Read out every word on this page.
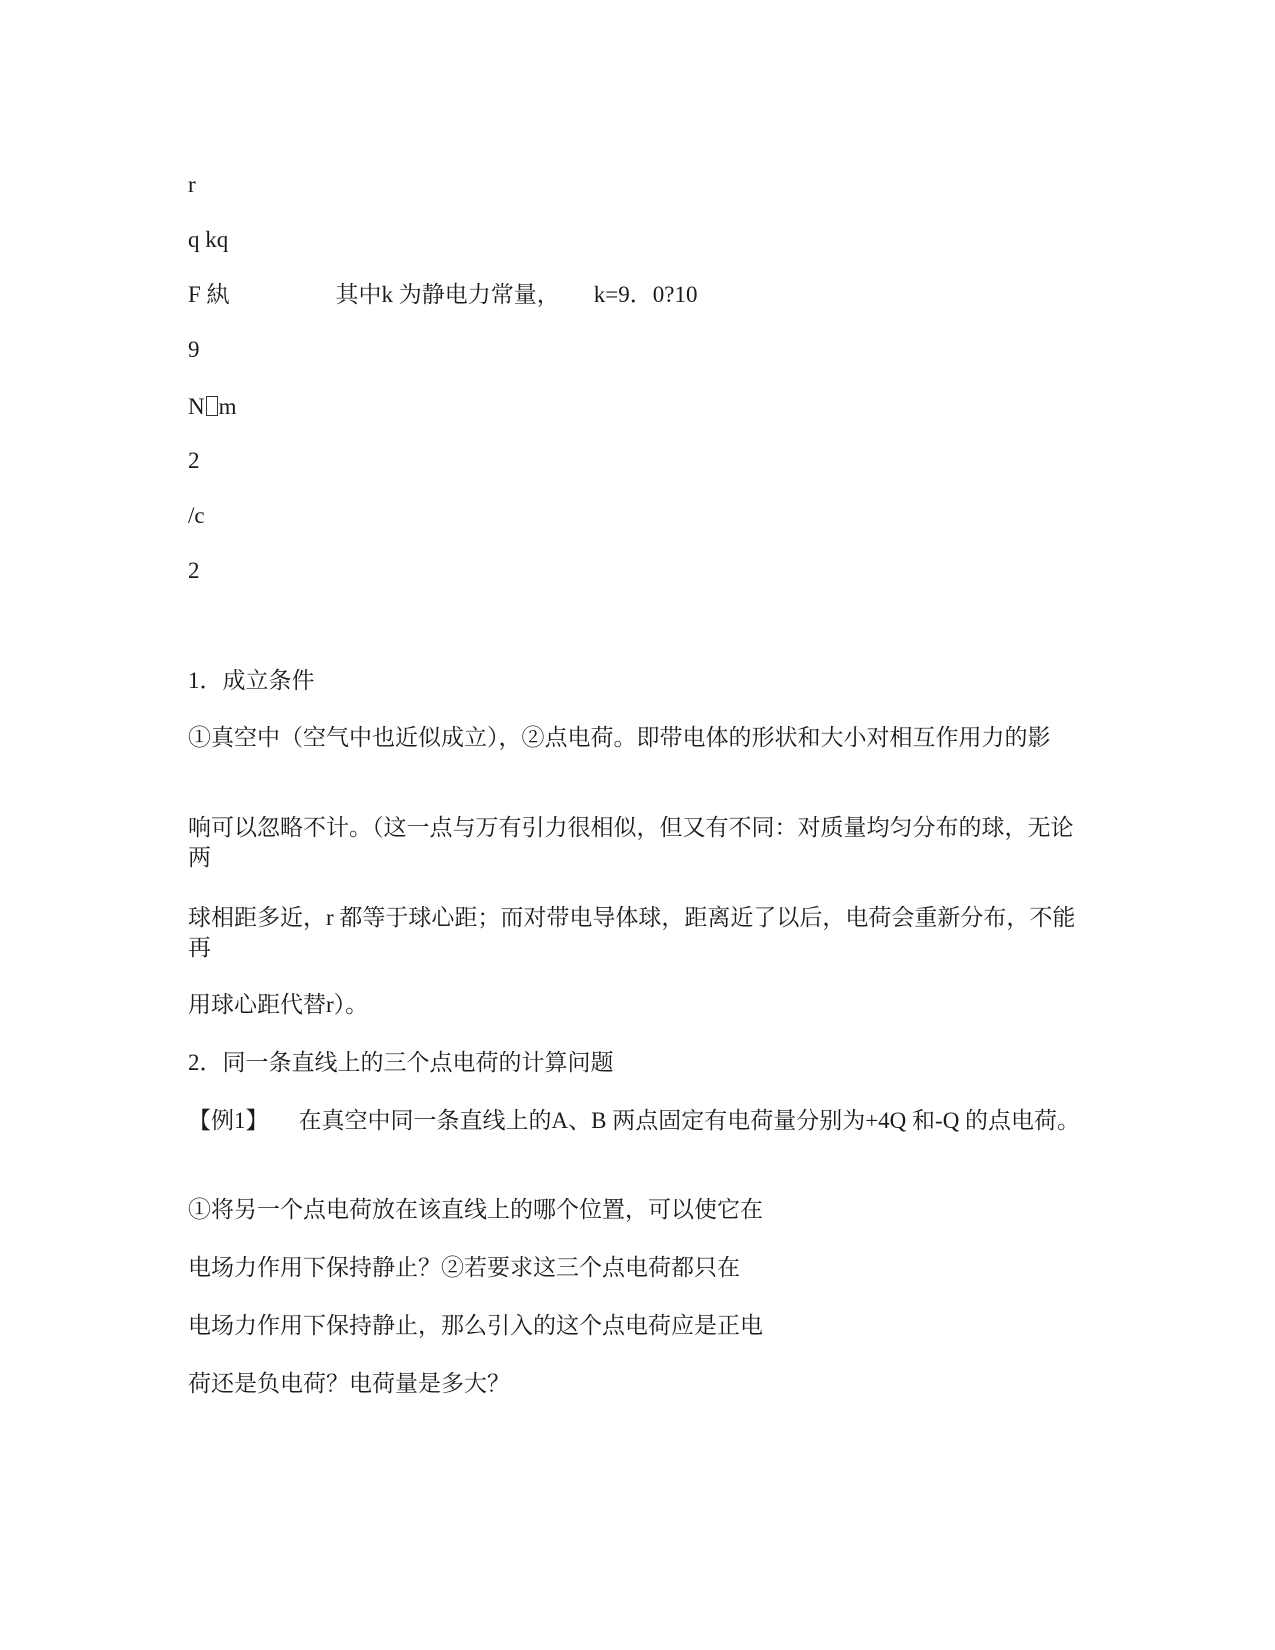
r
q kq
F 紈	其中k 为静电力常量， k=9．0?10
9
N m
2
/c
2
1．成立条件
①真空中（空气中也近似成立），②点电荷。即带电体的形状和大小对相互作用力的影
响可以忽略不计。（这一点与万有引力很相似，但又有不同：对质量均匀分布的球，无论两
球相距多近，r 都等于球心距；而对带电导体球，距离近了以后，电荷会重新分布，不能再
用球心距代替r）。
2．同一条直线上的三个点电荷的计算问题
【例1】 在真空中同一条直线上的A、B 两点固定有电荷量分别为+4Q 和-Q 的点电荷。
①将另一个点电荷放在该直线上的哪个位置，可以使它在
电场力作用下保持静止？②若要求这三个点电荷都只在
电场力作用下保持静止，那么引入的这个点电荷应是正电
荷还是负电荷？电荷量是多大？
